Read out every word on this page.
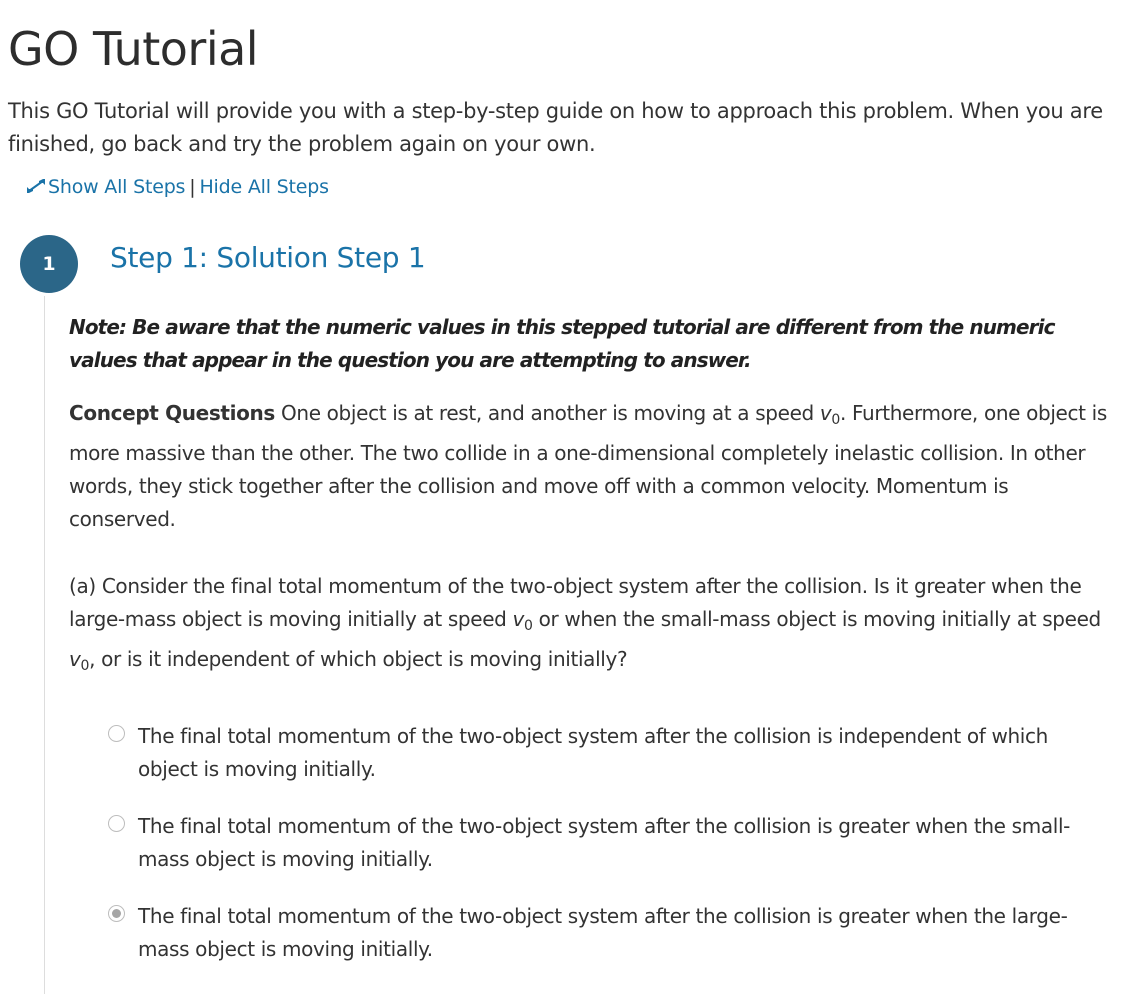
GO Tutorial

This GO Tutorial will provide you with a step-by-step guide on how to approach this problem. When you are finished, go back and try the problem again on your own.

Show All Steps | Hide All Steps
1	Step 1: Solution Step 1

Note: Be aware that the numeric values in this stepped tutorial are different from the numeric values that appear in the question you are attempting to answer.

Concept Questions One object is at rest, and another is moving at a speed $v_0$. Furthermore, one object is more massive than the other. The two collide in a one-dimensional completely inelastic collision. In other words, they stick together after the collision and move off with a common velocity. Momentum is conserved.

(a) Consider the final total momentum of the two-object system after the collision. Is it greater when the large-mass object is moving initially at speed $v_0$ or when the small-mass object is moving initially at speed $v_0$, or is it independent of which object is moving initially?

The final total momentum of the two-object system after the collision is independent of which object is moving initially.
The final total momentum of the two-object system after the collision is greater when the small-mass object is moving initially.
The final total momentum of the two-object system after the collision is greater when the large-mass object is moving initially.
